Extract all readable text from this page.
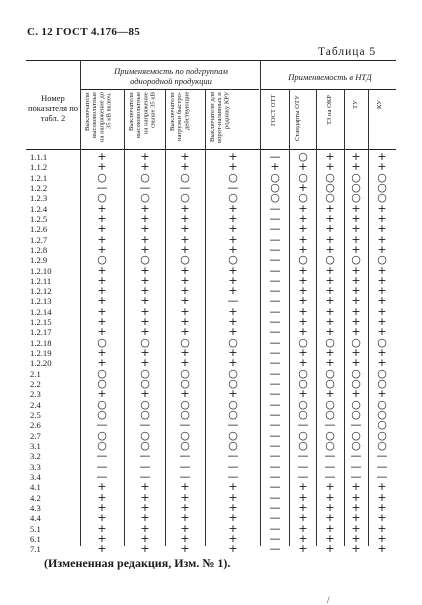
С. 12 ГОСТ 4.176—85
Таблица 5
Применяемость по подгруппам однородной продукции	Применяемость в НТД
Номер показателя по табл. 2	Выключатели высоковольтные на напряжение до 35 кВ включ.	Выключатели высоковольтные на напряжение свыше 35 кВ	Выключатели нагрузки быстро-действующие	Выключатели для ворот-наливных и роднику КРУ	ГОСТ ОТТ	Стандарты ОТУ	ТЗ на ОКР	ТУ	КУ
1.1.1	+	+	+	+	—	○	+	+	+
1.1.2	+	+	+	+	+	+	+	+	+
1.2.1	○	○	○	○	○	○	○	○	○
1.2.2	—	—	—	—	○	+	○	○	○
1.2.3	○	○	○	○	○	○	○	○	○
1.2.4	+	+	+	+	—	+	+	+	+
1.2.5	+	+	+	+	—	+	+	+	+
1.2.6	+	+	+	+	—	+	+	+	+
1.2.7	+	+	+	+	—	+	+	+	+
1.2.8	+	+	+	+	—	+	+	+	+
1.2.9	○	○	○	○	—	○	○	○	○
1.2.10	+	+	+	+	—	+	+	+	+
1.2.11	+	+	+	+	—	+	+	+	+
1.2.12	+	+	+	+	—	+	+	+	+
1.2.13	+	+	+	—	—	+	+	+	+
1.2.14	+	+	+	+	—	+	+	+	+
1.2.15	+	+	+	+	—	+	+	+	+
1.2.17	+	+	+	+	—	+	+	+	+
1.2.18	○	○	○	○	—	○	○	○	○
1.2.19	+	+	+	+	—	+	+	+	+
1.2.20	+	+	+	+	—	+	+	+	+
2.1	○	○	○	○	—	○	○	○	○
2.2	○	○	○	○	—	○	○	○	○
2.3	+	+	+	+	—	+	+	+	+
2.4	○	○	○	○	—	○	○	○	○
2.5	○	○	○	○	—	○	○	○	○
2.6	—	—	—	—	—	—	—	—	○
2.7	○	○	○	○	—	○	○	○	○
3.1	○	○	○	○	—	○	○	○	○
3.2	—	—	—	—	—	—	—	—	—
3.3	—	—	—	—	—	—	—	—	—
3.4	—	—	—	—	—	—	—	—	—
4.1	+	+	+	+	—	+	+	+	+
4.2	+	+	+	+	—	+	+	+	+
4.3	+	+	+	+	—	+	+	+	+
4.4	+	+	+	+	—	+	+	+	+
5.1	+	+	+	+	—	+	+	+	+
6.1	+	+	+	+	—	+	+	+	+
7.1	+	+	+	+	—	+	+	+	+
(Измененная редакция, Изм. № 1).
/
